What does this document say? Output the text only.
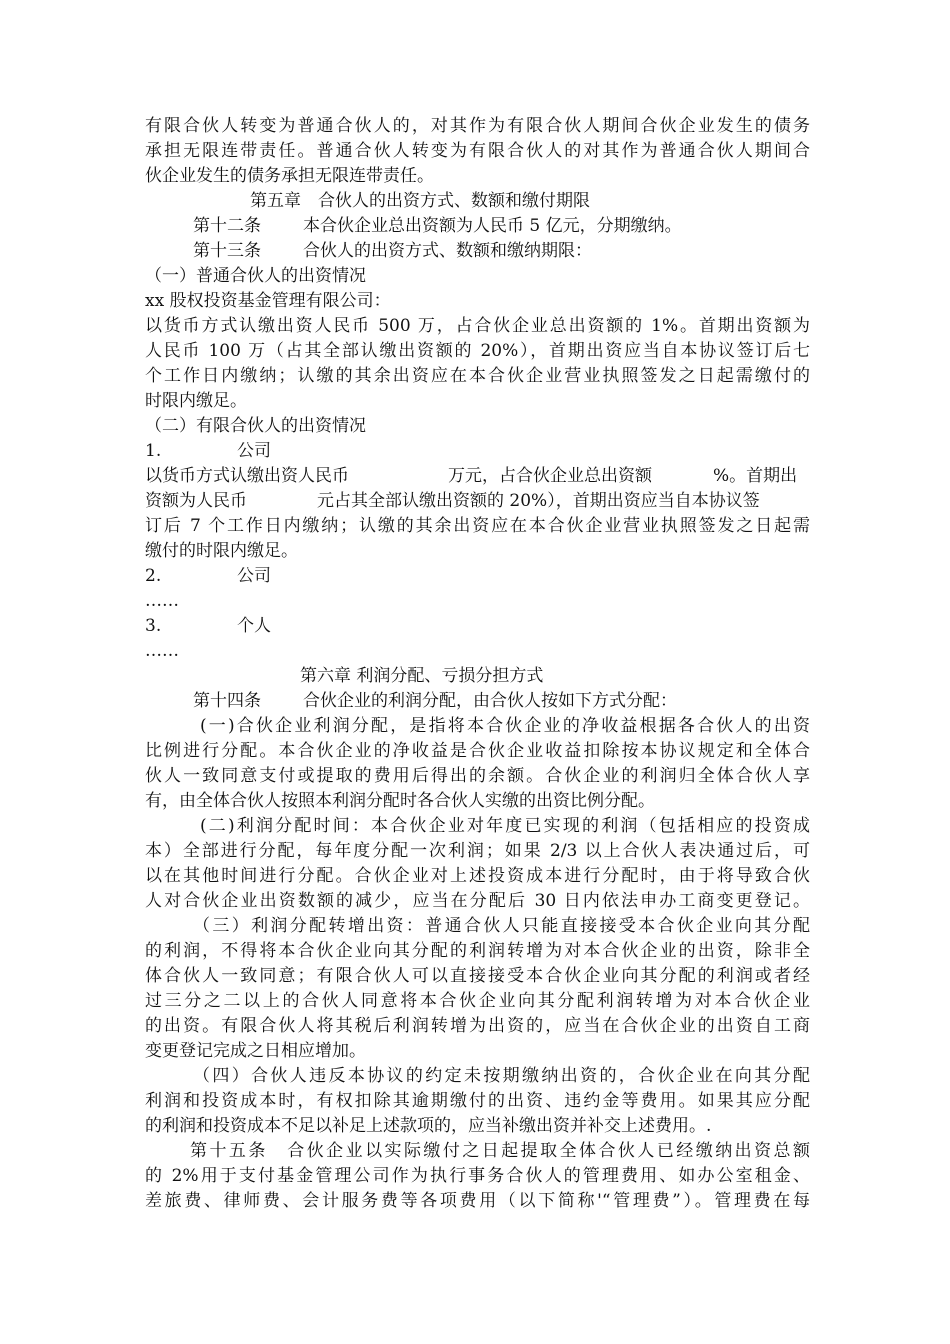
有限合伙人转变为普通合伙人的，对其作为有限合伙人期间合伙企业发生的债务
承担无限连带责任。普通合伙人转变为有限合伙人的对其作为普通合伙人期间合
伙企业发生的债务承担无限连带责任。
第五章　合伙人的出资方式、数额和缴付期限
第十二条 本合伙企业总出资额为人民币 5 亿元，分期缴纳。
第十三条 合伙人的出资方式、数额和缴纳期限：
（一）普通合伙人的出资情况
xx 股权投资基金管理有限公司：
以货币方式认缴出资人民币 500 万，占合伙企业总出资额的 1%。首期出资额为
人民币 100 万（占其全部认缴出资额的 20%），首期出资应当自本协议签订后七
个工作日内缴纳；认缴的其余出资应在本合伙企业营业执照签发之日起需缴付的
时限内缴足。
（二）有限合伙人的出资情况
1.	公司
以货币方式认缴出资人民币	万元，占合伙企业总出资额	%。首期出
资额为人民币	元占其全部认缴出资额的 20%），首期出资应当自本协议签
订后 7 个工作日内缴纳；认缴的其余出资应在本合伙企业营业执照签发之日起需
缴付的时限内缴足。
2.	公司
……
3.	个人
……
第六章 利润分配、亏损分担方式
第十四条 合伙企业的利润分配，由合伙人按如下方式分配：
(一)合伙企业利润分配，是指将本合伙企业的净收益根据各合伙人的出资
比例进行分配。本合伙企业的净收益是合伙企业收益扣除按本协议规定和全体合
伙人一致同意支付或提取的费用后得出的余额。合伙企业的利润归全体合伙人享
有，由全体合伙人按照本利润分配时各合伙人实缴的出资比例分配。
(二)利润分配时间：本合伙企业对年度已实现的利润（包括相应的投资成
本）全部进行分配，每年度分配一次利润；如果 2/3 以上合伙人表决通过后，可
以在其他时间进行分配。合伙企业对上述投资成本进行分配时，由于将导致合伙
人对合伙企业出资数额的减少，应当在分配后 30 日内依法申办工商变更登记。
（三）利润分配转增出资：普通合伙人只能直接接受本合伙企业向其分配
的利润，不得将本合伙企业向其分配的利润转增为对本合伙企业的出资，除非全
体合伙人一致同意；有限合伙人可以直接接受本合伙企业向其分配的利润或者经
过三分之二以上的合伙人同意将本合伙企业向其分配利润转增为对本合伙企业
的出资。有限合伙人将其税后利润转增为出资的，应当在合伙企业的出资自工商
变更登记完成之日相应增加。
（四）合伙人违反本协议的约定未按期缴纳出资的，合伙企业在向其分配
利润和投资成本时，有权扣除其逾期缴付的出资、违约金等费用。如果其应分配
的利润和投资成本不足以补足上述款项的，应当补缴出资并补交上述费用。.
第十五条　合伙企业以实际缴付之日起提取全体合伙人已经缴纳出资总额
的 2%用于支付基金管理公司作为执行事务合伙人的管理费用、如办公室租金、
差旅费、律师费、会计服务费等各项费用（以下简称'“管理费”）。管理费在每
